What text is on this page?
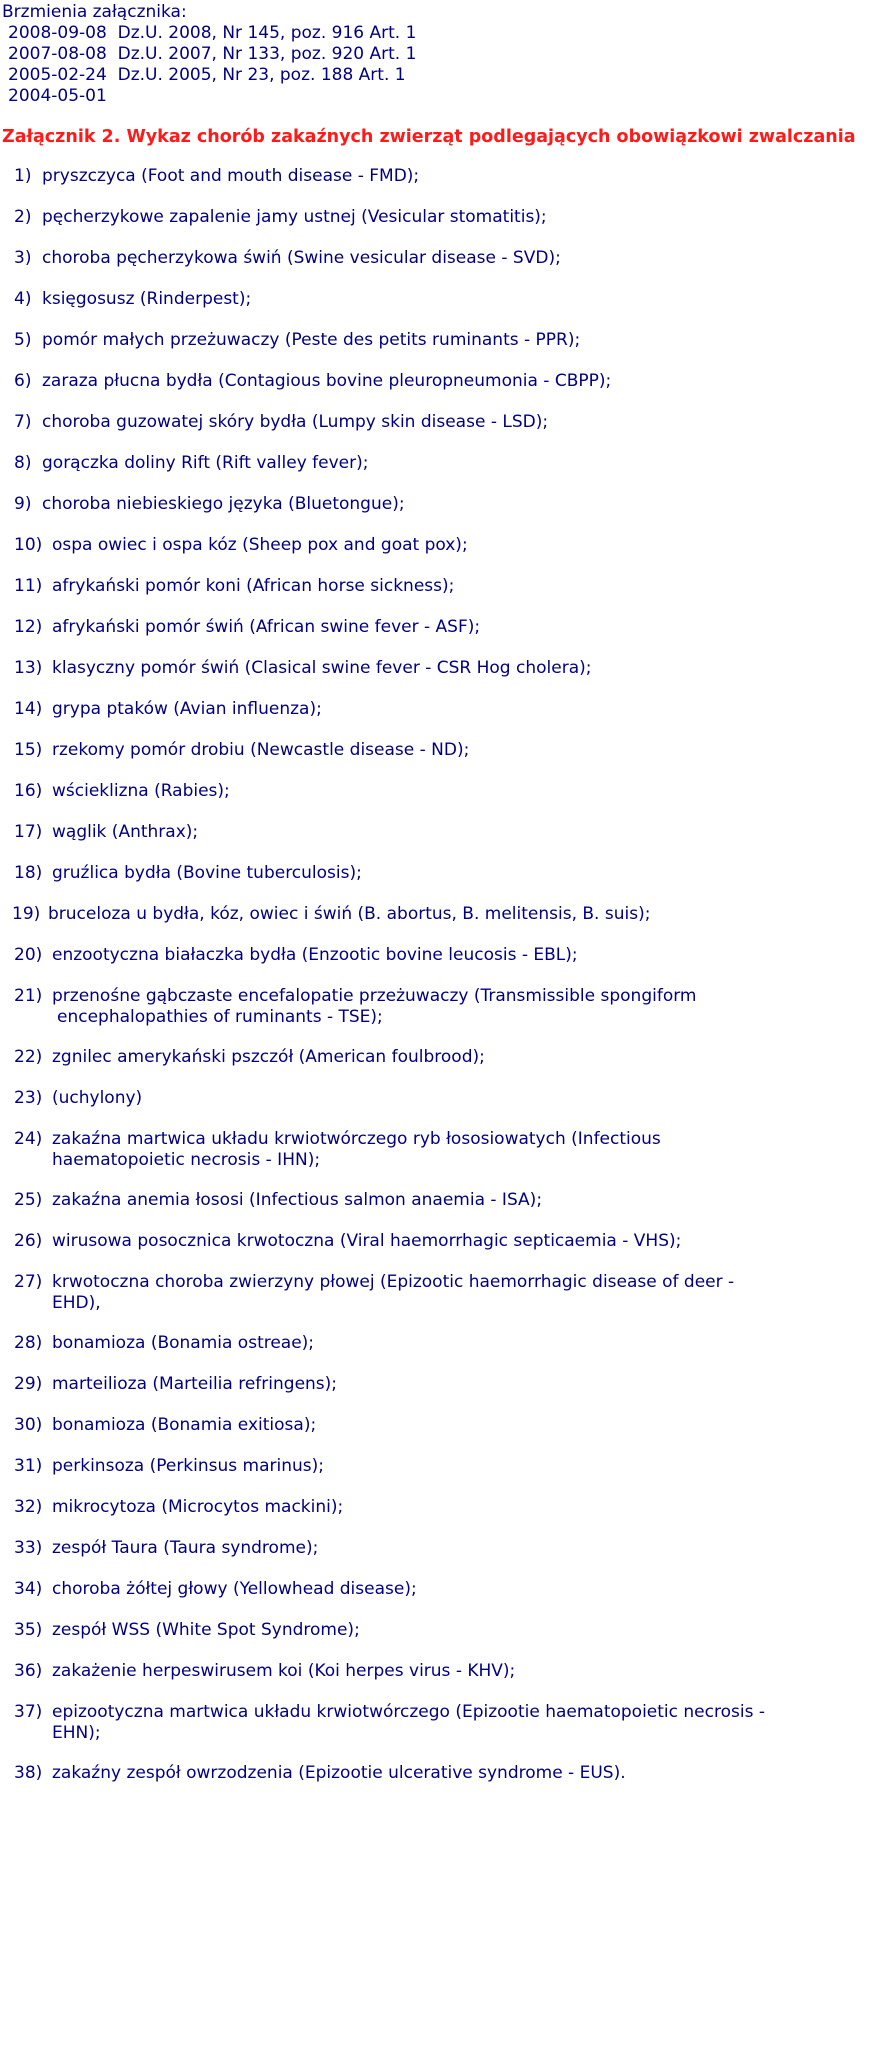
Brzmienia załącznika:
2008-09-08  Dz.U. 2008, Nr 145, poz. 916 Art. 1
2007-08-08  Dz.U. 2007, Nr 133, poz. 920 Art. 1
2005-02-24  Dz.U. 2005, Nr 23, poz. 188 Art. 1
2004-05-01
Załącznik 2. Wykaz chorób zakaźnych zwierząt podlegających obowiązkowi zwalczania
1) pryszczyca (Foot and mouth disease - FMD);
2) pęcherzykowe zapalenie jamy ustnej (Vesicular stomatitis);
3) choroba pęcherzykowa świń (Swine vesicular disease - SVD);
4) księgosusz (Rinderpest);
5) pomór małych przeżuwaczy (Peste des petits ruminants - PPR);
6) zaraza płucna bydła (Contagious bovine pleuropneumonia - CBPP);
7) choroba guzowatej skóry bydła (Lumpy skin disease - LSD);
8) gorączka doliny Rift (Rift valley fever);
9) choroba niebieskiego języka (Bluetongue);
10) ospa owiec i ospa kóz (Sheep pox and goat pox);
11) afrykański pomór koni (African horse sickness);
12) afrykański pomór świń (African swine fever - ASF);
13) klasyczny pomór świń (Clasical swine fever - CSR Hog cholera);
14) grypa ptaków (Avian influenza);
15) rzekomy pomór drobiu (Newcastle disease - ND);
16) wścieklizna (Rabies);
17) wąglik (Anthrax);
18) gruźlica bydła (Bovine tuberculosis);
19) bruceloza u bydła, kóz, owiec i świń (B. abortus, B. melitensis, B. suis);
20) enzootyczna białaczka bydła (Enzootic bovine leucosis - EBL);
21) przenośne gąbczaste encefalopatie przeżuwaczy (Transmissible spongiform
encephalopathies of ruminants - TSE);
22) zgnilec amerykański pszczół (American foulbrood);
23) (uchylony)
24) zakaźna martwica układu krwiotwórczego ryb łososiowatych (Infectious
haematopoietic necrosis - IHN);
25) zakaźna anemia łososi (Infectious salmon anaemia - ISA);
26) wirusowa posocznica krwotoczna (Viral haemorrhagic septicaemia - VHS);
27) krwotoczna choroba zwierzyny płowej (Epizootic haemorrhagic disease of deer -
EHD),
28) bonamioza (Bonamia ostreae);
29) marteilioza (Marteilia refringens);
30) bonamioza (Bonamia exitiosa);
31) perkinsoza (Perkinsus marinus);
32) mikrocytoza (Microcytos mackini);
33) zespół Taura (Taura syndrome);
34) choroba żółtej głowy (Yellowhead disease);
35) zespół WSS (White Spot Syndrome);
36) zakażenie herpeswirusem koi (Koi herpes virus - KHV);
37) epizootyczna martwica układu krwiotwórczego (Epizootie haematopoietic necrosis -
EHN);
38) zakaźny zespół owrzodzenia (Epizootie ulcerative syndrome - EUS).
